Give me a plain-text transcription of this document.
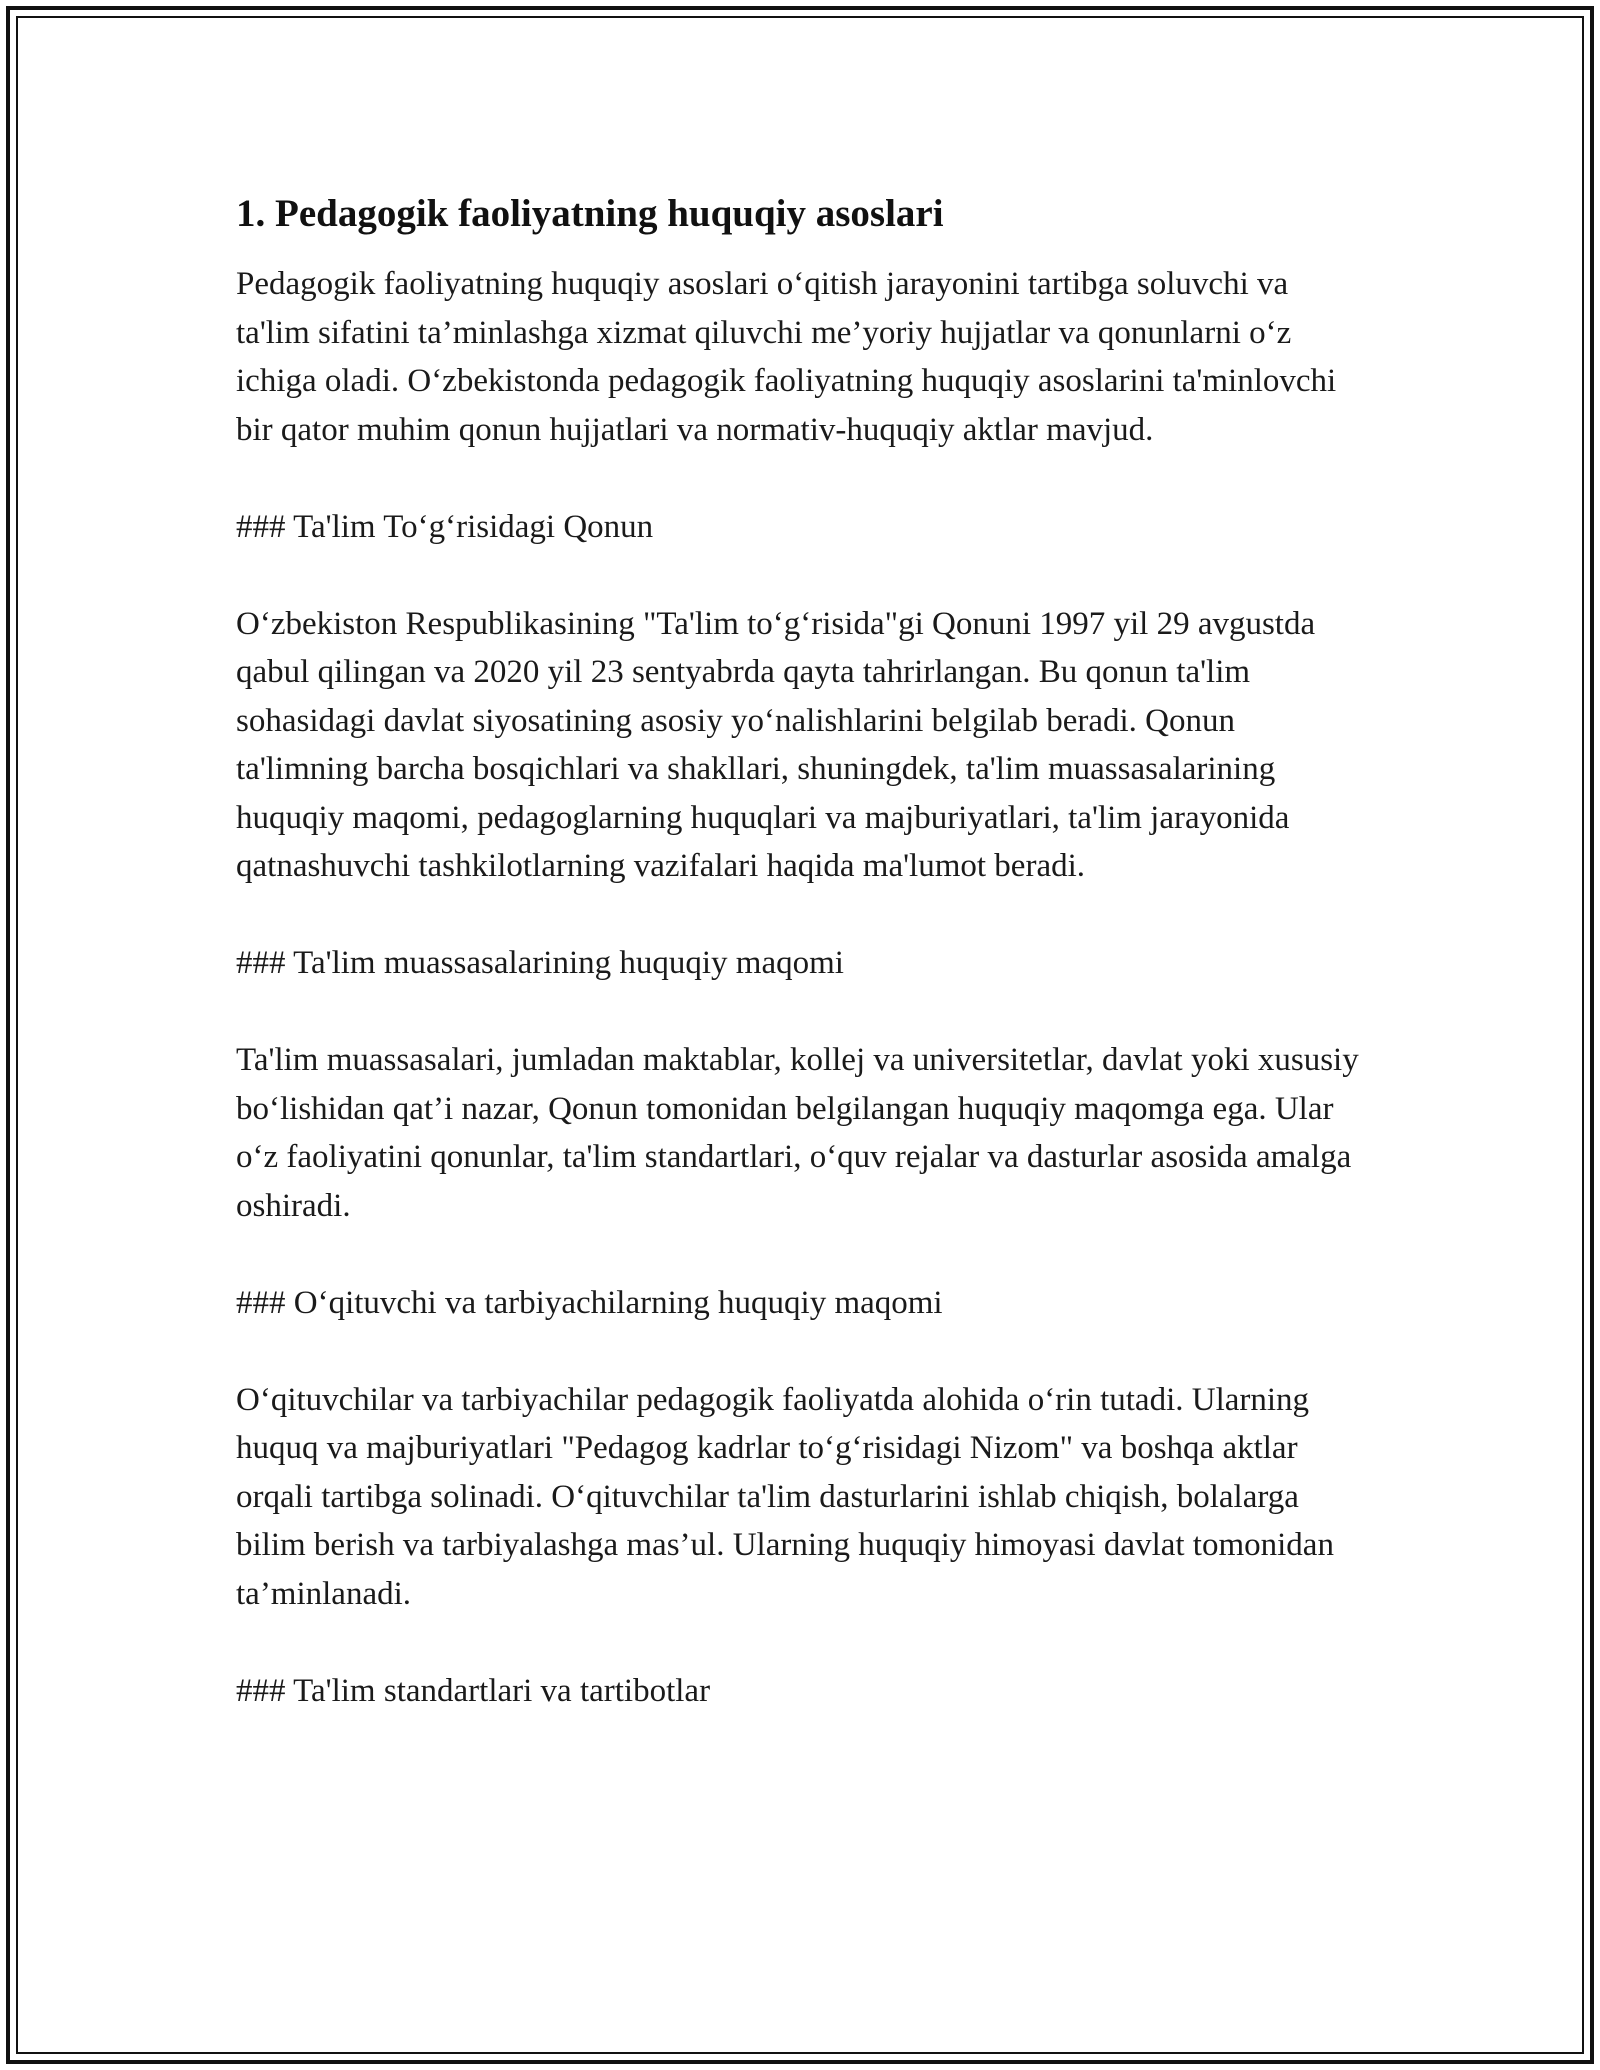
1. Pedagogik faoliyatning huquqiy asoslari

Pedagogik faoliyatning huquqiy asoslari o‘qitish jarayonini tartibga soluvchi va ta'lim sifatini ta’minlashga xizmat qiluvchi me’yoriy hujjatlar va qonunlarni o‘z ichiga oladi. O‘zbekistonda pedagogik faoliyatning huquqiy asoslarini ta'minlovchi bir qator muhim qonun hujjatlari va normativ-huquqiy aktlar mavjud.

### Ta'lim To‘g‘risidagi Qonun

O‘zbekiston Respublikasining "Ta'lim to‘g‘risida"gi Qonuni 1997 yil 29 avgustda qabul qilingan va 2020 yil 23 sentyabrda qayta tahrirlangan. Bu qonun ta'lim sohasidagi davlat siyosatining asosiy yo‘nalishlarini belgilab beradi. Qonun ta'limning barcha bosqichlari va shakllari, shuningdek, ta'lim muassasalarining huquqiy maqomi, pedagoglarning huquqlari va majburiyatlari, ta'lim jarayonida qatnashuvchi tashkilotlarning vazifalari haqida ma'lumot beradi.

### Ta'lim muassasalarining huquqiy maqomi

Ta'lim muassasalari, jumladan maktablar, kollej va universitetlar, davlat yoki xususiy bo‘lishidan qat’i nazar, Qonun tomonidan belgilangan huquqiy maqomga ega. Ular o‘z faoliyatini qonunlar, ta'lim standartlari, o‘quv rejalar va dasturlar asosida amalga oshiradi.

### O‘qituvchi va tarbiyachilarning huquqiy maqomi

O‘qituvchilar va tarbiyachilar pedagogik faoliyatda alohida o‘rin tutadi. Ularning huquq va majburiyatlari "Pedagog kadrlar to‘g‘risidagi Nizom" va boshqa aktlar orqali tartibga solinadi. O‘qituvchilar ta'lim dasturlarini ishlab chiqish, bolalarga bilim berish va tarbiyalashga mas’ul. Ularning huquqiy himoyasi davlat tomonidan ta’minlanadi.

### Ta'lim standartlari va tartibotlar
